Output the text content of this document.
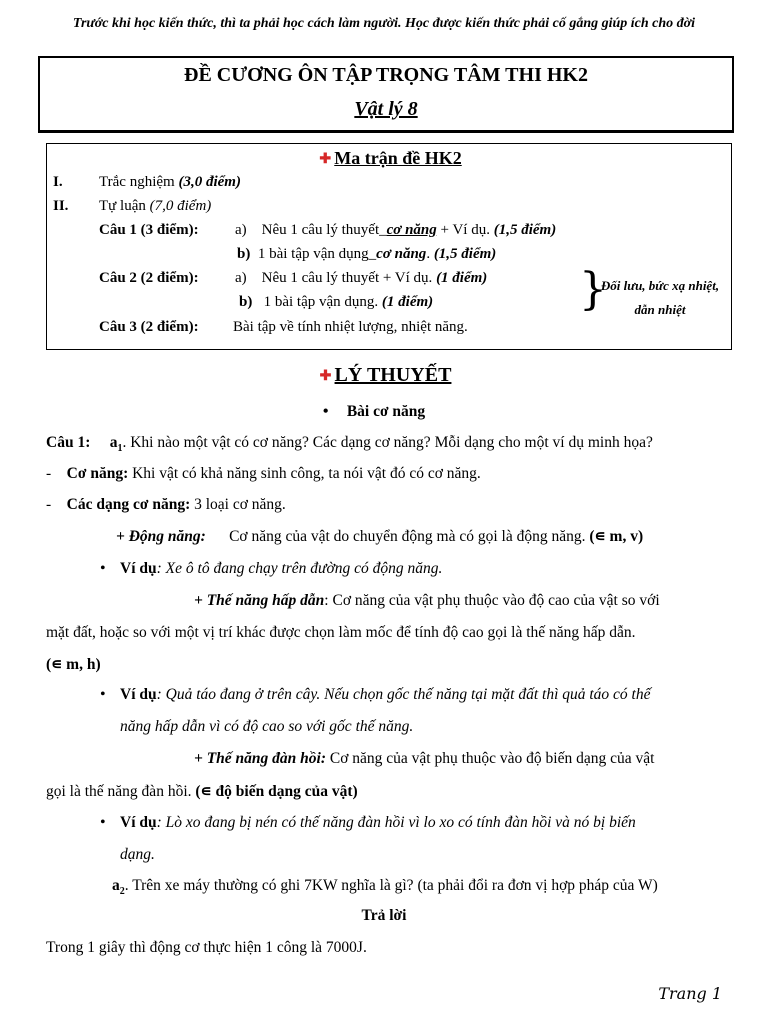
Trước khi học kiến thức, thì ta phải học cách làm người. Học được kiến thức phải cố gắng giúp ích cho đời
ĐỀ CƯƠNG ÔN TẬP TRỌNG TÂM THI HK2
Vật lý 8
✚ Ma trận đề HK2
I. Trắc nghiệm (3,0 điểm)
II. Tự luận (7,0 điểm)
Câu 1 (3 điểm): a) Nêu 1 câu lý thuyết_cơ năng + Ví dụ. (1,5 điểm)
b) 1 bài tập vận dụng_cơ năng. (1,5 điểm)
Câu 2 (2 điểm): a) Nêu 1 câu lý thuyết + Ví dụ. (1 điểm)
b) 1 bài tập vận dụng. (1 điểm)	}
Đối lưu, bức xạ nhiệt,
dẫn nhiệt
Câu 3 (2 điểm): Bài tập về tính nhiệt lượng, nhiệt năng.
✚ LÝ THUYẾT
• Bài cơ năng
Câu 1: $a_1$. Khi nào một vật có cơ năng? Các dạng cơ năng? Mỗi dạng cho một ví dụ minh họa?
- Cơ năng: Khi vật có khả năng sinh công, ta nói vật đó có cơ năng.
- Các dạng cơ năng: 3 loại cơ năng.
+ Động năng: Cơ năng của vật do chuyển động mà có gọi là động năng. (∊ m, v)
• Ví dụ: Xe ô tô đang chạy trên đường có động năng.
+ Thế năng hấp dẫn: Cơ năng của vật phụ thuộc vào độ cao của vật so với
mặt đất, hoặc so với một vị trí khác được chọn làm mốc để tính độ cao gọi là thế năng hấp dẫn.
(∊ m, h)
• Ví dụ: Quả táo đang ở trên cây. Nếu chọn gốc thế năng tại mặt đất thì quả táo có thế
năng hấp dẫn vì có độ cao so với gốc thế năng.
+ Thế năng đàn hồi: Cơ năng của vật phụ thuộc vào độ biến dạng của vật
gọi là thế năng đàn hồi. (∊ độ biến dạng của vật)
• Ví dụ: Lò xo đang bị nén có thế năng đàn hồi vì lo xo có tính đàn hồi và nó bị biến
dạng.
$a_2$. Trên xe máy thường có ghi 7KW nghĩa là gì? (ta phải đổi ra đơn vị hợp pháp của W)
Trả lời
Trong 1 giây thì động cơ thực hiện 1 công là 7000J.
Trang 1
